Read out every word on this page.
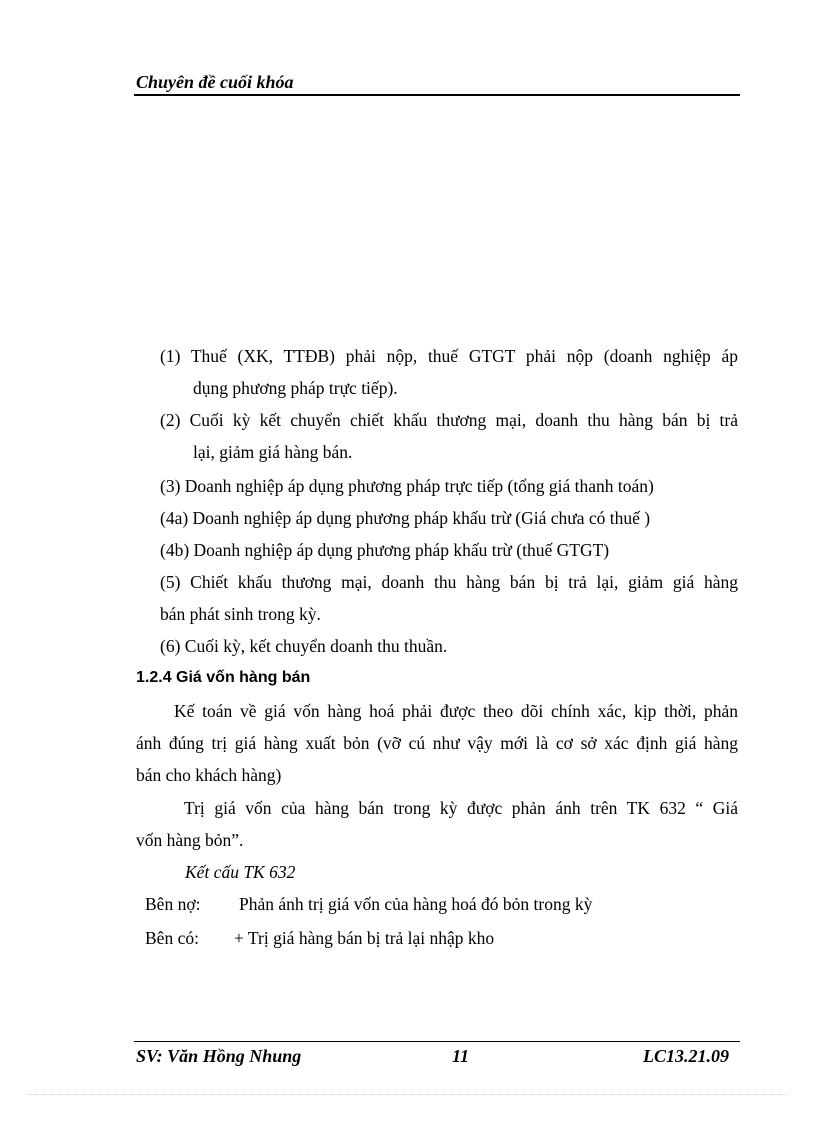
Chuyên đề cuối khóa
(1) Thuế (XK, TTĐB) phải nộp, thuế GTGT phải nộp (doanh nghiệp áp
dụng phương pháp trực tiếp).
(2) Cuối kỳ kết chuyển chiết khấu thương mại, doanh thu hàng bán bị trả
lại, giảm giá hàng bán.
(3) Doanh nghiệp áp dụng phương pháp trực tiếp (tổng giá thanh toán)
(4a) Doanh nghiệp áp dụng phương pháp khấu trừ (Giá chưa có thuế )
(4b) Doanh nghiệp áp dụng phương pháp khấu trừ (thuế GTGT)
(5) Chiết khấu thương mại, doanh thu hàng bán bị trả lại, giảm giá hàng
bán phát sinh trong kỳ.
(6) Cuối kỳ, kết chuyển doanh thu thuần.
1.2.4 Giá vốn hàng bán
Kế toán về giá vốn hàng hoá phải được theo dõi chính xác, kịp thời, phản
ánh đúng trị giá hàng xuất bỏn (vỡ cú như vậy mới là cơ sở xác định giá hàng
bán cho khách hàng)
Trị giá vốn của hàng bán trong kỳ được phản ánh trên TK 632 “ Giá
vốn hàng bỏn”.
Kết cấu TK 632
Bên nợ: Phản ánh trị giá vốn của hàng hoá đó bỏn trong kỳ
Bên có: + Trị giá hàng bán bị trả lại nhập kho
SV: Văn Hồng Nhung	11	LC13.21.09
